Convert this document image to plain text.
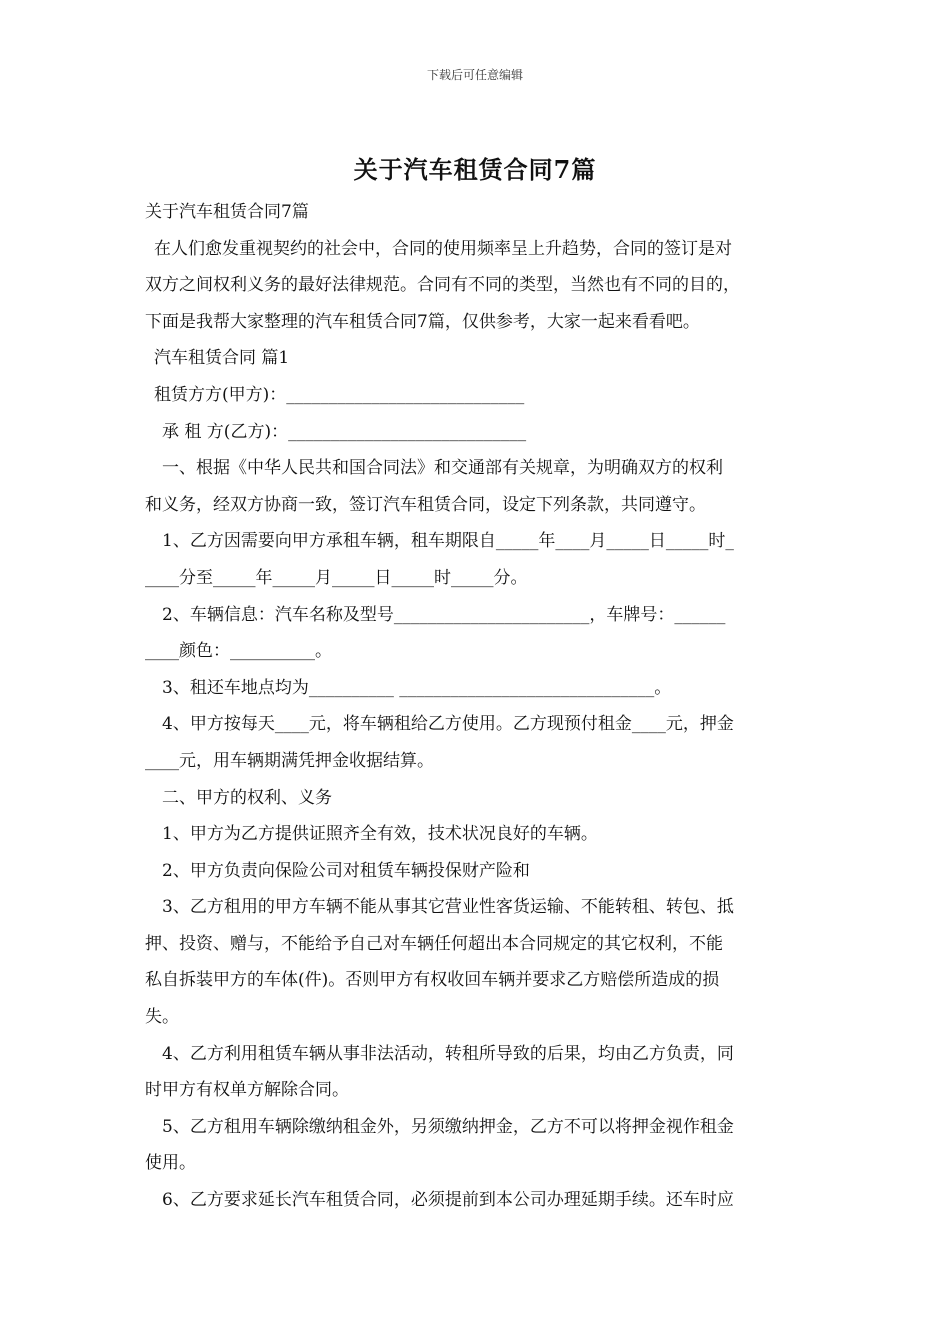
下载后可任意编辑
关于汽车租赁合同7篇
关于汽车租赁合同7篇
在人们愈发重视契约的社会中，合同的使用频率呈上升趋势，合同的签订是对
双方之间权利义务的最好法律规范。合同有不同的类型，当然也有不同的目的，
下面是我帮大家整理的汽车租赁合同7篇，仅供参考，大家一起来看看吧。
汽车租赁合同 篇1
租赁方方(甲方)：____________________________
承 租 方(乙方)：____________________________
一、根据《中华人民共和国合同法》和交通部有关规章，为明确双方的权利
和义务，经双方协商一致，签订汽车租赁合同，设定下列条款，共同遵守。
1、乙方因需要向甲方承租车辆，租车期限自_____年____月_____日_____时_
____分至_____年_____月_____日_____时_____分。
2、车辆信息：汽车名称及型号_______________________，车牌号：______
____颜色：__________。
3、租还车地点均为__________ ______________________________。
4、甲方按每天____元，将车辆租给乙方使用。乙方现预付租金____元，押金
____元，用车辆期满凭押金收据结算。
二、甲方的权利、义务
1、甲方为乙方提供证照齐全有效，技术状况良好的车辆。
2、甲方负责向保险公司对租赁车辆投保财产险和
3、乙方租用的甲方车辆不能从事其它营业性客货运输、不能转租、转包、抵
押、投资、赠与，不能给予自己对车辆任何超出本合同规定的其它权利，不能
私自拆装甲方的车体(件)。否则甲方有权收回车辆并要求乙方赔偿所造成的损
失。
4、乙方利用租赁车辆从事非法活动，转租所导致的后果，均由乙方负责，同
时甲方有权单方解除合同。
5、乙方租用车辆除缴纳租金外，另须缴纳押金，乙方不可以将押金视作租金
使用。
6、乙方要求延长汽车租赁合同，必须提前到本公司办理延期手续。还车时应
